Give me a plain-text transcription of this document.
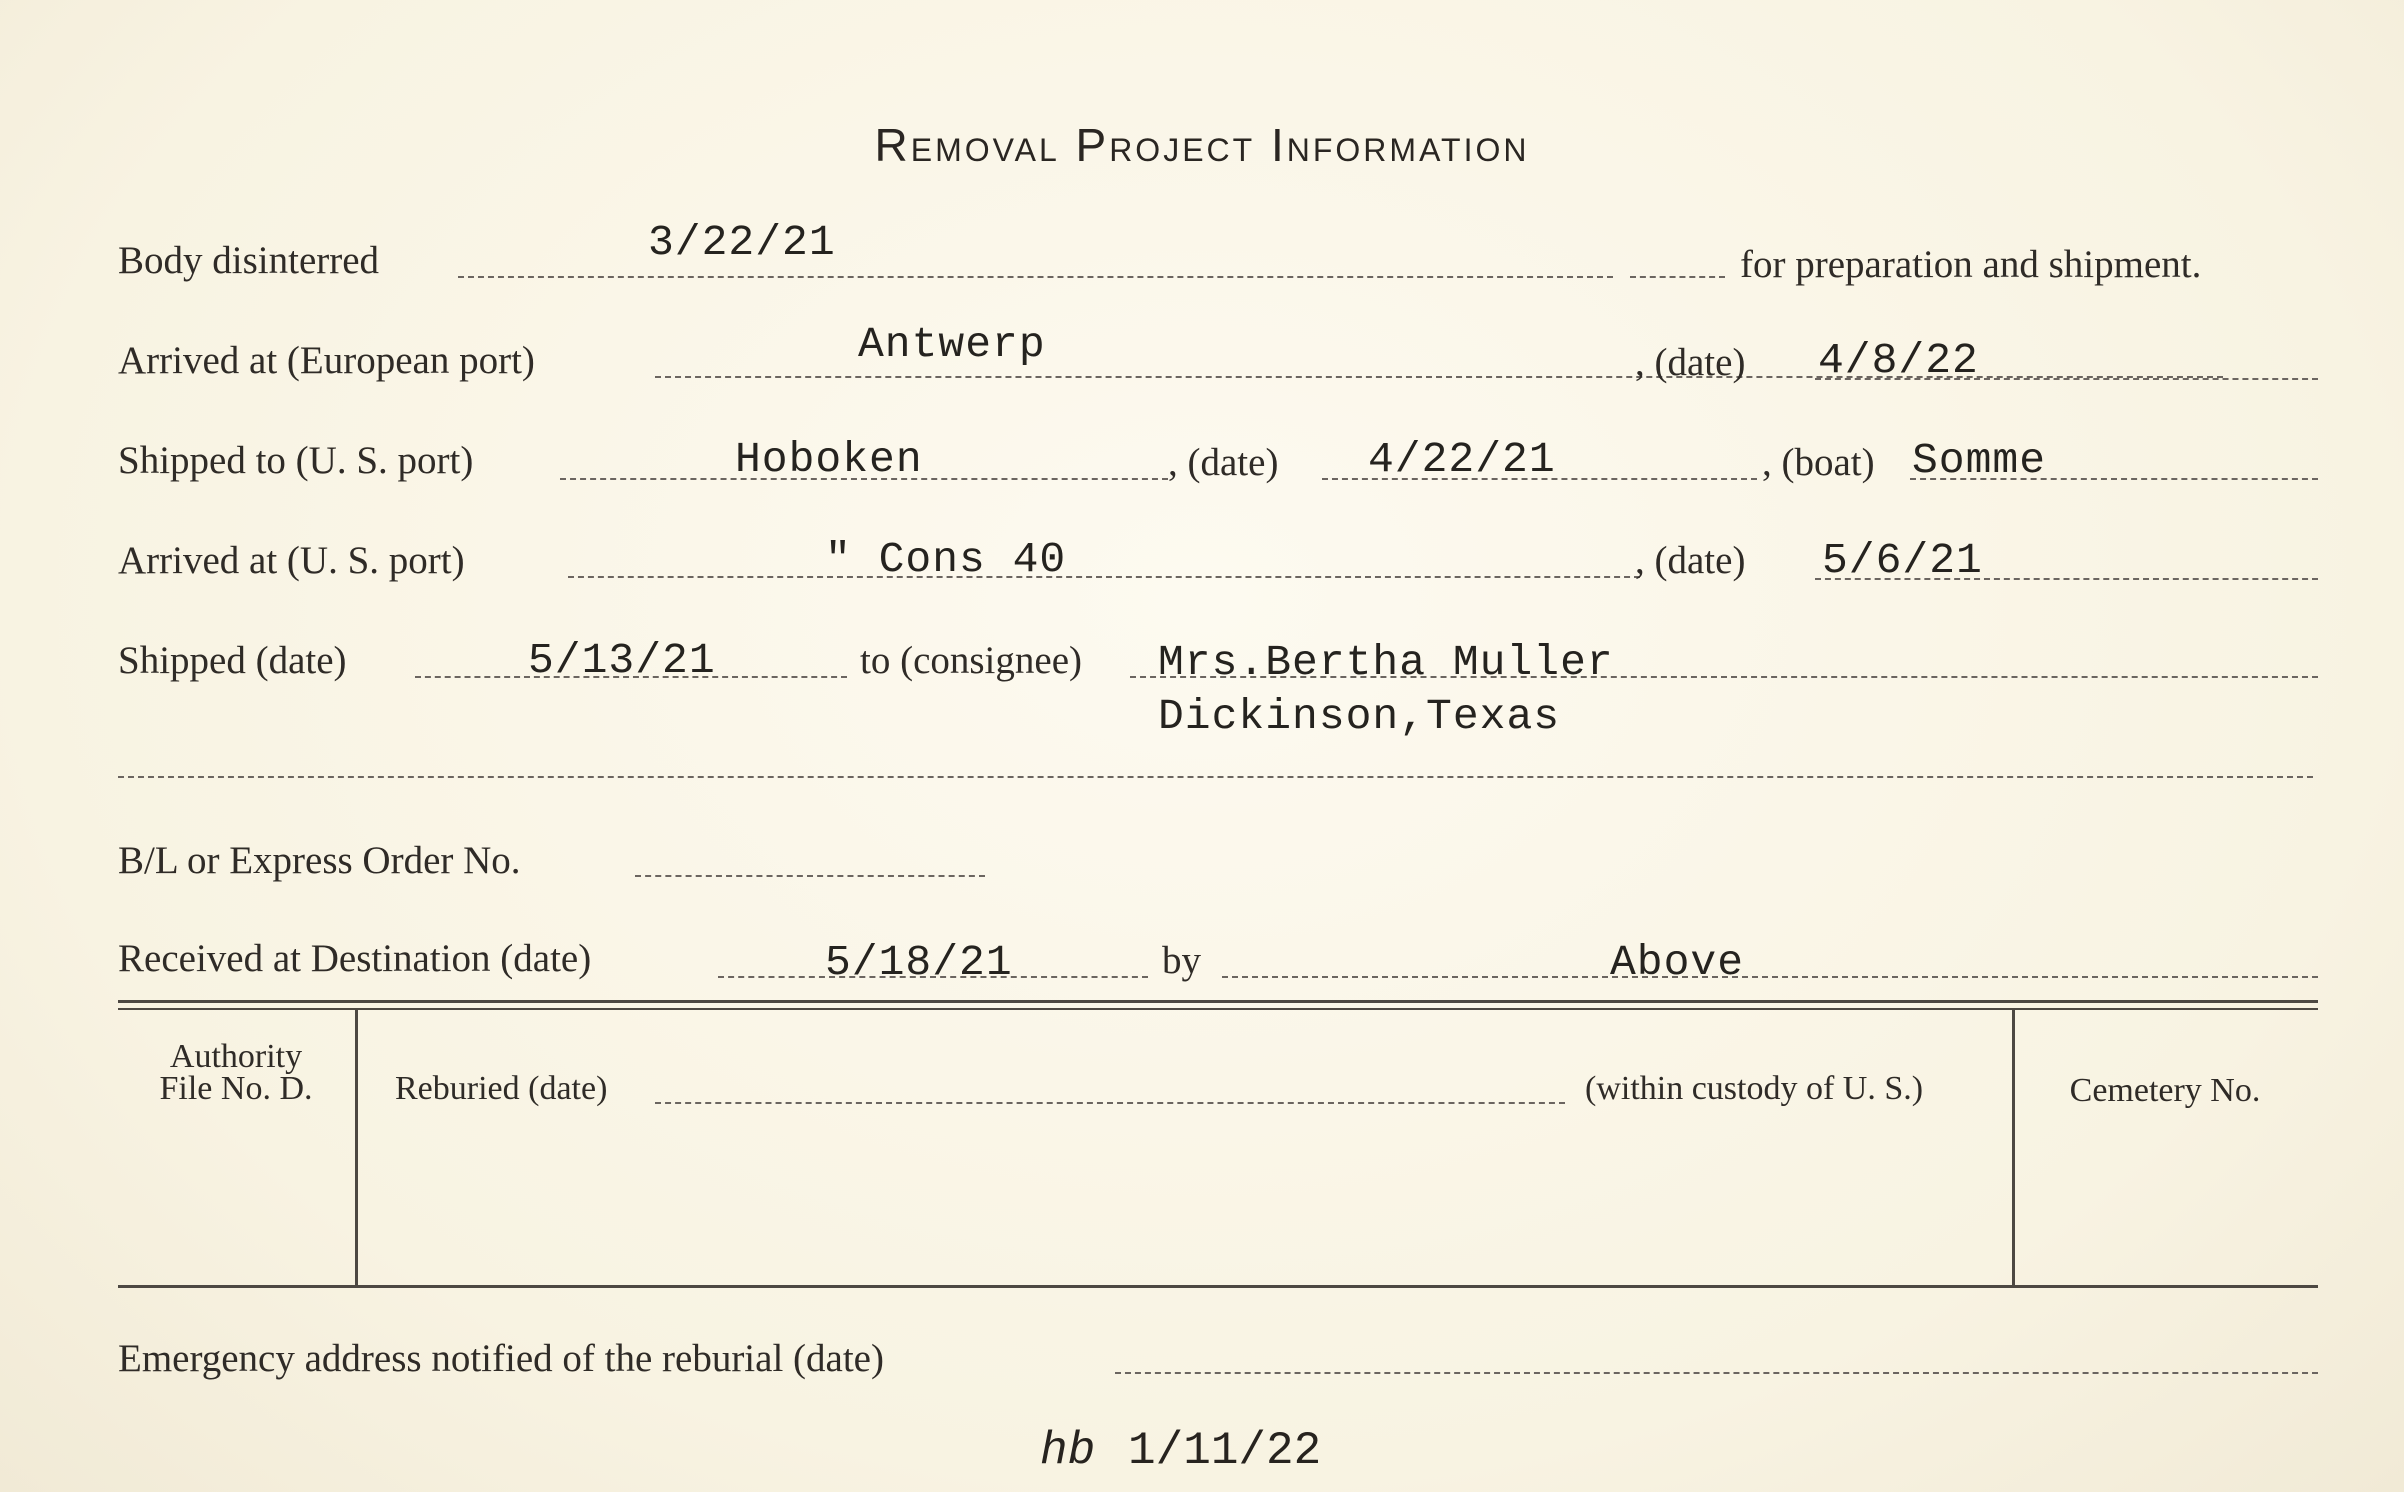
Removal Project Information
Body disinterred	3/22/21	for preparation and shipment.
Arrived at (European port)	Antwerp	, (date) 4/8/22
Shipped to (U. S. port)	Hoboken	, (date) 4/22/21	, (boat) Somme
Arrived at (U. S. port)	" Cons 40	, (date) 5/6/21
Shipped (date)	5/13/21	to (consignee) Mrs.Bertha Muller
Dickinson,Texas
B/L or Express Order No.
Received at Destination (date)	5/18/21	by	Above
Authority
File No. D.	Reburied (date)	(within custody of U. S.)	Cemetery No.
Emergency address notified of the reburial (date)
hb 1/11/22
